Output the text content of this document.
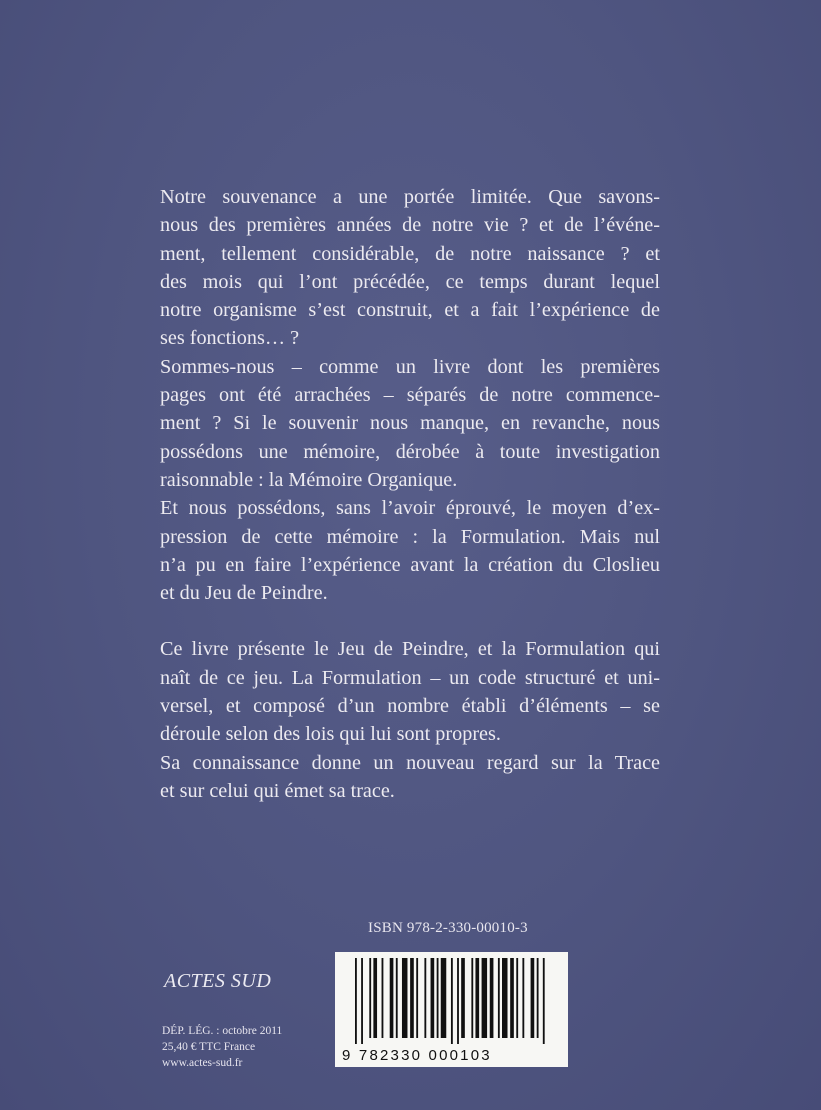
Notre souvenance a une portée limitée. Que savons-
nous des premières années de notre vie ? et de l’événe-
ment, tellement considérable, de notre naissance ? et
des mois qui l’ont précédée, ce temps durant lequel
notre organisme s’est construit, et a fait l’expérience de
ses fonctions… ?
Sommes-nous – comme un livre dont les premières
pages ont été arrachées – séparés de notre commence-
ment ? Si le souvenir nous manque, en revanche, nous
possédons une mémoire, dérobée à toute investigation
raisonnable : la Mémoire Organique.
Et nous possédons, sans l’avoir éprouvé, le moyen d’ex-
pression de cette mémoire : la Formulation. Mais nul
n’a pu en faire l’expérience avant la création du Closlieu
et du Jeu de Peindre.
Ce livre présente le Jeu de Peindre, et la Formulation qui
naît de ce jeu. La Formulation – un code structuré et uni-
versel, et composé d’un nombre établi d’éléments – se
déroule selon des lois qui lui sont propres.
Sa connaissance donne un nouveau regard sur la Trace
et sur celui qui émet sa trace.
ISBN 978-2-330-00010-3
9 782330 000103
ACTES SUD
DÉP. LÉG. : octobre 2011
25,40 € TTC France
www.actes-sud.fr
